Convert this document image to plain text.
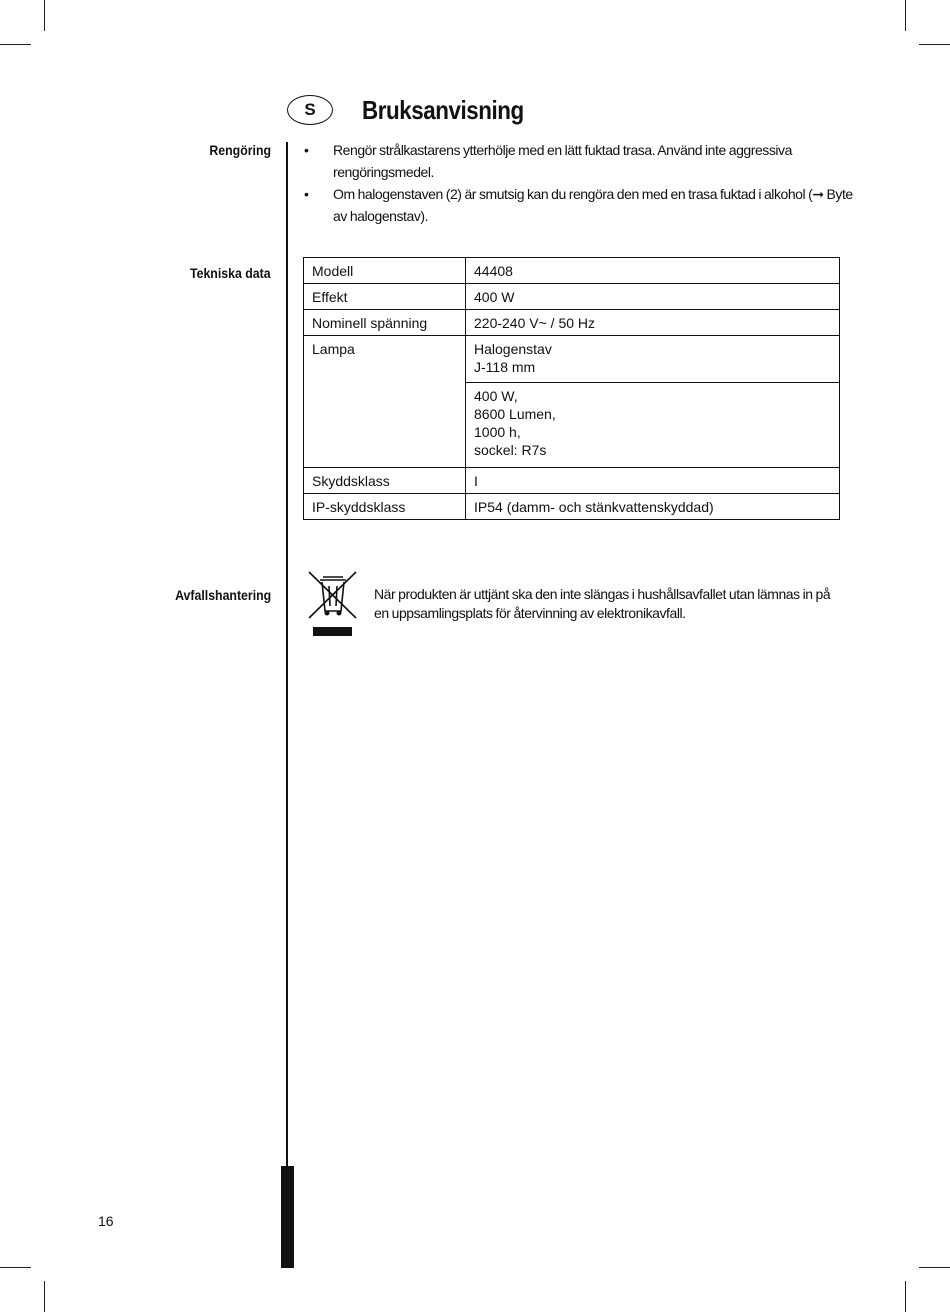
S	Bruksanvisning
Rengöring
Tekniska data
Avfallshantering
• Rengör strålkastarens ytterhölje med en lätt fuktad trasa. Använd inte aggressiva rengöringsmedel.
• Om halogenstaven (2) är smutsig kan du rengöra den med en trasa fuktad i alkohol (➞ Byte av halogenstav).
Modell	44408
Effekt	400 W
Nominell spänning	220-240 V~ / 50 Hz
Lampa	Halogenstav
J-118 mm
	400 W,
8600 Lumen,
1000 h,
sockel: R7s
Skyddsklass	I
IP-skyddsklass	IP54 (damm- och stänkvattenskyddad)
När produkten är uttjänt ska den inte slängas i hushållsavfallet utan lämnas in på en uppsamlingsplats för återvinning av elektronikavfall.
16
